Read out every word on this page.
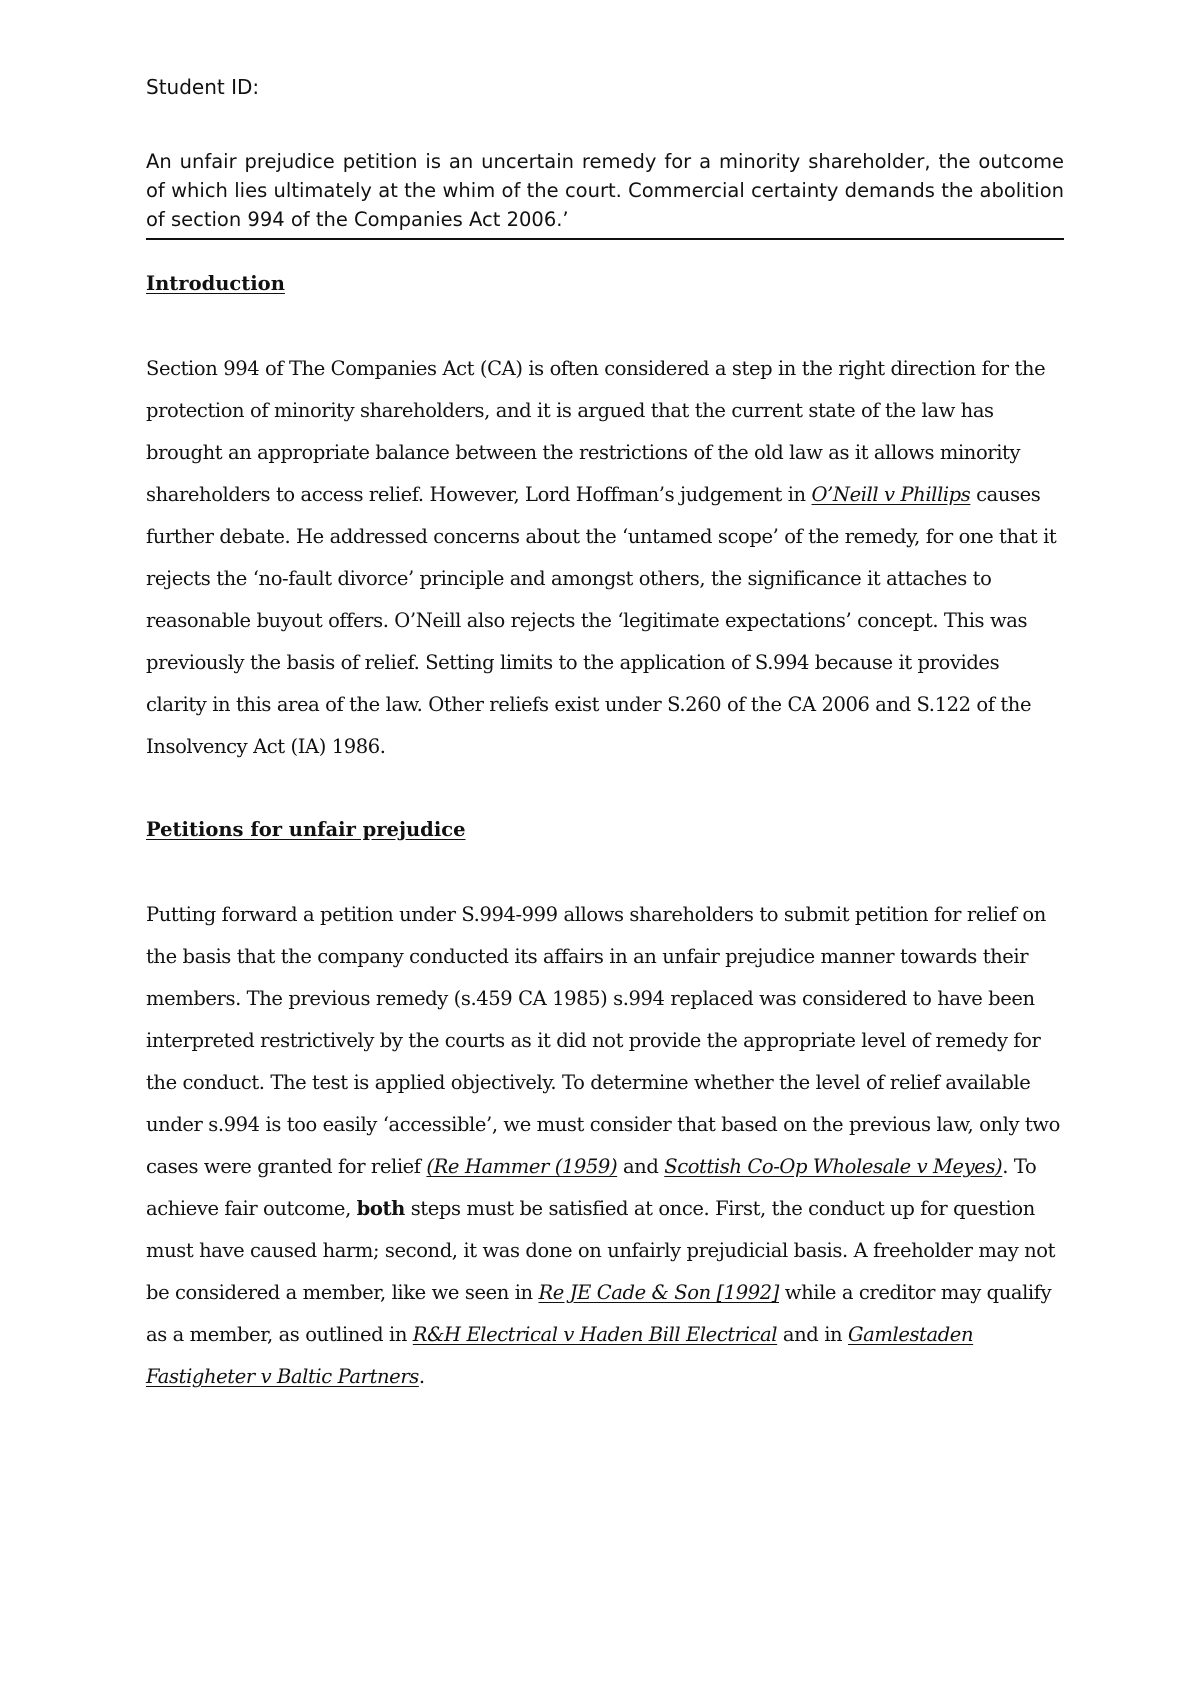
Student ID:
An unfair prejudice petition is an uncertain remedy for a minority shareholder, the outcome of which lies ultimately at the whim of the court. Commercial certainty demands the abolition of section 994 of the Companies Act 2006.’
Introduction
Section 994 of The Companies Act (CA) is often considered a step in the right direction for the protection of minority shareholders, and it is argued that the current state of the law has brought an appropriate balance between the restrictions of the old law as it allows minority shareholders to access relief. However, Lord Hoffman’s judgement in O’Neill v Phillips causes further debate. He addressed concerns about the ‘untamed scope’ of the remedy, for one that it rejects the ‘no-fault divorce’ principle and amongst others, the significance it attaches to reasonable buyout offers. O’Neill also rejects the ‘legitimate expectations’ concept. This was previously the basis of relief. Setting limits to the application of S.994 because it provides clarity in this area of the law. Other reliefs exist under S.260 of the CA 2006 and S.122 of the Insolvency Act (IA) 1986.
Petitions for unfair prejudice
Putting forward a petition under S.994-999 allows shareholders to submit petition for relief on the basis that the company conducted its affairs in an unfair prejudice manner towards their members. The previous remedy (s.459 CA 1985) s.994 replaced was considered to have been interpreted restrictively by the courts as it did not provide the appropriate level of remedy for the conduct. The test is applied objectively. To determine whether the level of relief available under s.994 is too easily ‘accessible’, we must consider that based on the previous law, only two cases were granted for relief (Re Hammer (1959) and Scottish Co-Op Wholesale v Meyes). To achieve fair outcome, both steps must be satisfied at once. First, the conduct up for question must have caused harm; second, it was done on unfairly prejudicial basis. A freeholder may not be considered a member, like we seen in Re JE Cade & Son [1992] while a creditor may qualify as a member, as outlined in R&H Electrical v Haden Bill Electrical and in Gamlestaden Fastigheter v Baltic Partners.
